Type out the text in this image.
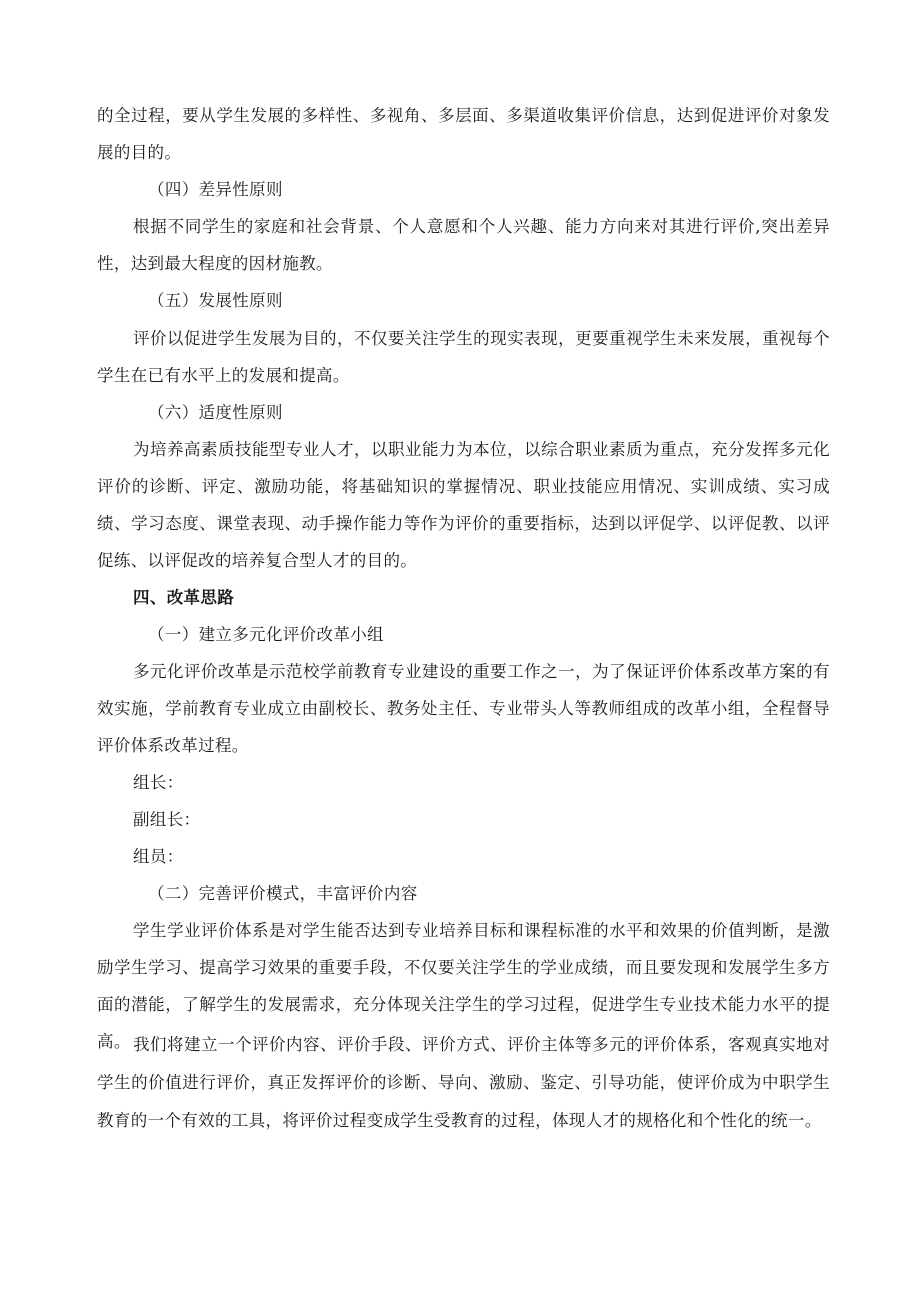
的全过程，要从学生发展的多样性、多视角、多层面、多渠道收集评价信息，达到促进评价对象发展的目的。

（四）差异性原则

根据不同学生的家庭和社会背景、个人意愿和个人兴趣、能力方向来对其进行评价,突出差异性，达到最大程度的因材施教。

（五）发展性原则

评价以促进学生发展为目的，不仅要关注学生的现实表现，更要重视学生未来发展，重视每个学生在已有水平上的发展和提高。

（六）适度性原则

为培养高素质技能型专业人才，以职业能力为本位，以综合职业素质为重点，充分发挥多元化评价的诊断、评定、激励功能，将基础知识的掌握情况、职业技能应用情况、实训成绩、实习成绩、学习态度、课堂表现、动手操作能力等作为评价的重要指标，达到以评促学、以评促教、以评促练、以评促改的培养复合型人才的目的。

四、改革思路

（一）建立多元化评价改革小组

多元化评价改革是示范校学前教育专业建设的重要工作之一，为了保证评价体系改革方案的有效实施，学前教育专业成立由副校长、教务处主任、专业带头人等教师组成的改革小组，全程督导评价体系改革过程。

组长：

副组长：

组员：

（二）完善评价模式，丰富评价内容

学生学业评价体系是对学生能否达到专业培养目标和课程标准的水平和效果的价值判断，是激励学生学习、提高学习效果的重要手段，不仅要关注学生的学业成绩，而且要发现和发展学生多方面的潜能，了解学生的发展需求，充分体现关注学生的学习过程，促进学生专业技术能力水平的提高。 我们将建立一个评价内容、评价手段、评价方式、评价主体等多元的评价体系，客观真实地对学生的价值进行评价，真正发挥评价的诊断、导向、激励、鉴定、引导功能，使评价成为中职学生教育的一个有效的工具，将评价过程变成学生受教育的过程，体现人才的规格化和个性化的统一。
